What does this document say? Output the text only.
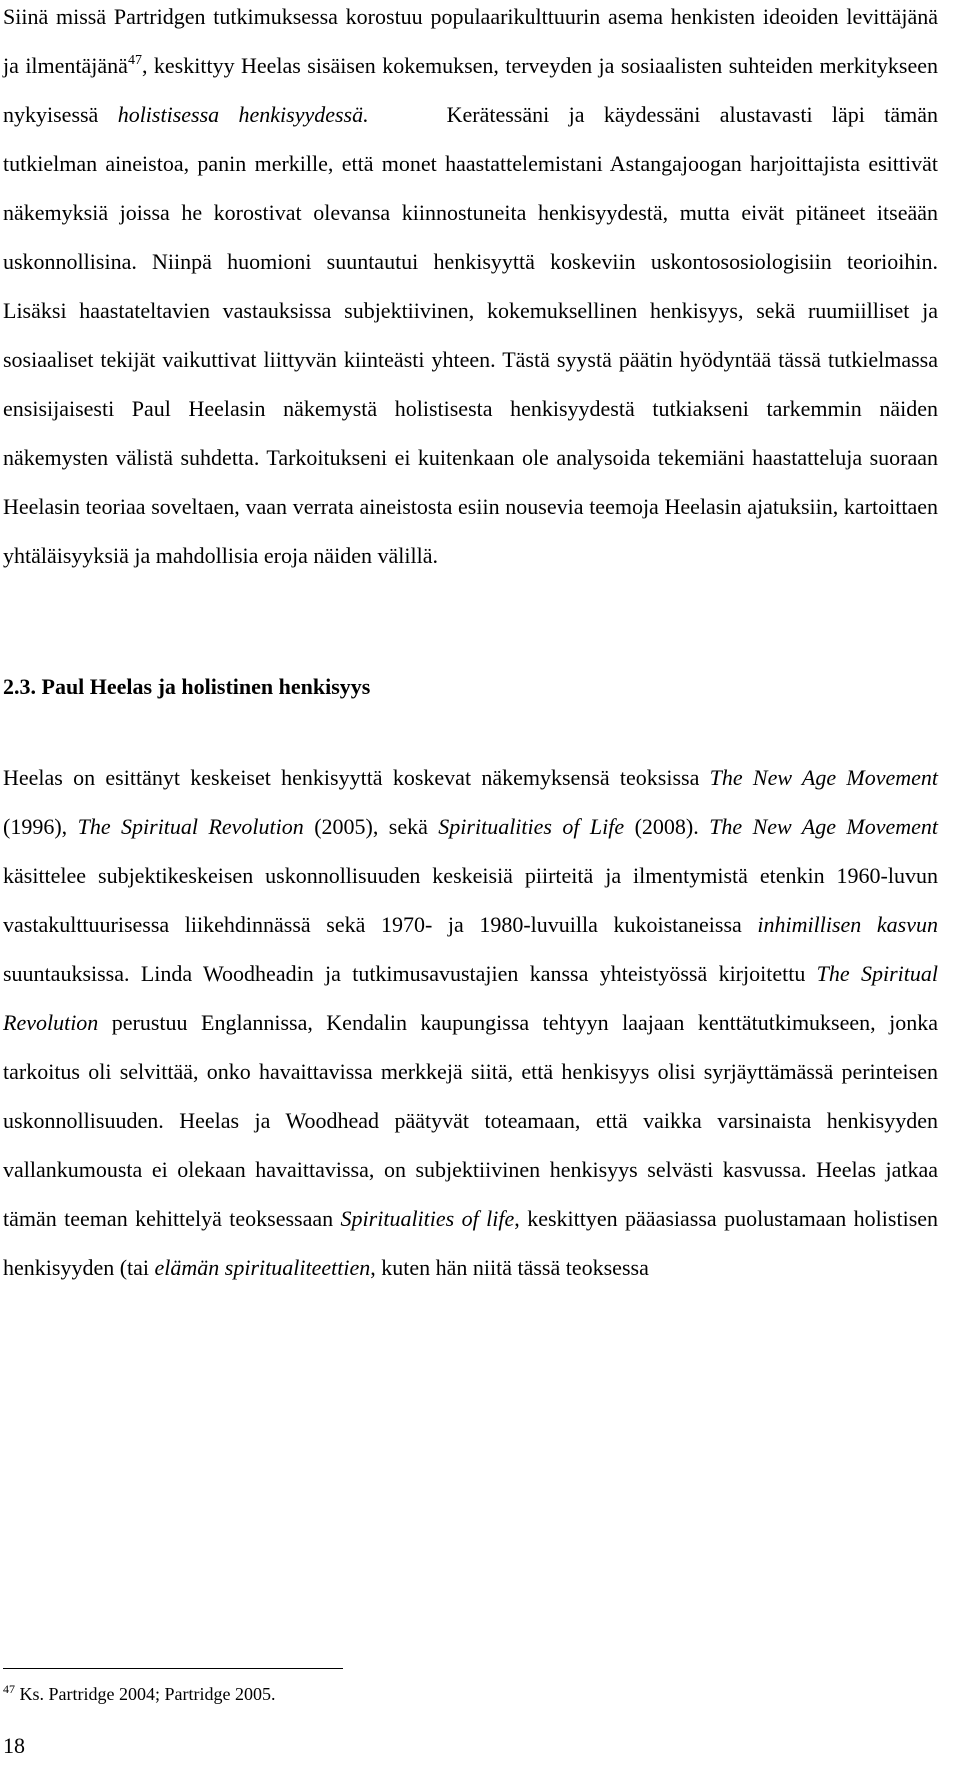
Siinä missä Partridgen tutkimuksessa korostuu populaarikulttuurin asema henkisten ideoiden levittäjänä ja ilmentäjänä$^{47}$, keskittyy Heelas sisäisen kokemuksen, terveyden ja sosiaalisten suhteiden merkitykseen nykyisessä holistisessa henkisyydessä.	Kerätessäni ja käydessäni alustavasti läpi tämän tutkielman aineistoa, panin merkille, että monet haastattelemistani Astangajoogan harjoittajista esittivät näkemyksiä joissa he korostivat olevansa kiinnostuneita henkisyydestä, mutta eivät pitäneet itseään uskonnollisina. Niinpä huomioni suuntautui henkisyyttä koskeviin uskontososiologisiin teorioihin. Lisäksi haastateltavien vastauksissa subjektiivinen, kokemuksellinen henkisyys, sekä ruumiilliset ja sosiaaliset tekijät vaikuttivat liittyvän kiinteästi yhteen. Tästä syystä päätin hyödyntää tässä tutkielmassa ensisijaisesti Paul Heelasin näkemystä holistisesta henkisyydestä tutkiakseni tarkemmin näiden näkemysten välistä suhdetta. Tarkoitukseni ei kuitenkaan ole analysoida tekemiäni haastatteluja suoraan Heelasin teoriaa soveltaen, vaan verrata aineistosta esiin nousevia teemoja Heelasin ajatuksiin, kartoittaen yhtäläisyyksiä ja mahdollisia eroja näiden välillä.

2.3. Paul Heelas ja holistinen henkisyys

Heelas on esittänyt keskeiset henkisyyttä koskevat näkemyksensä teoksissa The New Age Movement (1996), The Spiritual Revolution (2005), sekä Spiritualities of Life (2008). The New Age Movement käsittelee subjektikeskeisen uskonnollisuuden keskeisiä piirteitä ja ilmentymistä etenkin 1960-luvun vastakulttuurisessa liikehdinnässä sekä 1970- ja 1980-luvuilla kukoistaneissa inhimillisen kasvun suuntauksissa. Linda Woodheadin ja tutkimusavustajien kanssa yhteistyössä kirjoitettu The Spiritual Revolution perustuu Englannissa, Kendalin kaupungissa tehtyyn laajaan kenttätutkimukseen, jonka tarkoitus oli selvittää, onko havaittavissa merkkejä siitä, että henkisyys olisi syrjäyttämässä perinteisen uskonnollisuuden. Heelas ja Woodhead päätyvät toteamaan, että vaikka varsinaista henkisyyden vallankumousta ei olekaan havaittavissa, on subjektiivinen henkisyys selvästi kasvussa. Heelas jatkaa tämän teeman kehittelyä teoksessaan Spiritualities of life, keskittyen pääasiassa puolustamaan holistisen henkisyyden (tai elämän spiritualiteettien, kuten hän niitä tässä teoksessa

$^{47}$ Ks. Partridge 2004; Partridge 2005.
18
